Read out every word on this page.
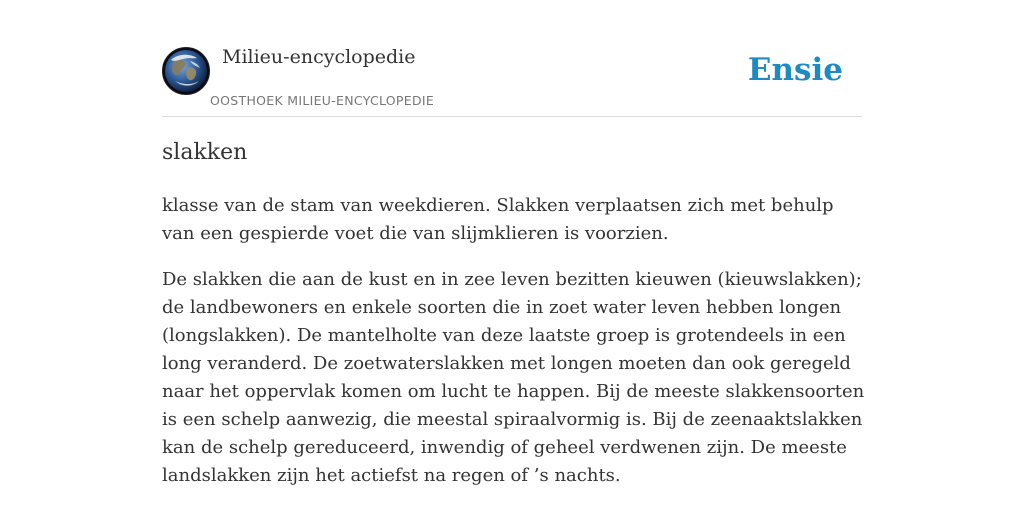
Milieu-encyclopedie
OOSTHOEK MILIEU-ENCYCLOPEDIE
Ensie
slakken

klasse van de stam van weekdieren. Slakken verplaatsen zich met behulp van een gespierde voet die van slijmklieren is voorzien.

De slakken die aan de kust en in zee leven bezitten kieuwen (kieuwslakken); de landbewoners en enkele soorten die in zoet water leven hebben longen (longslakken). De mantelholte van deze laatste groep is grotendeels in een long veranderd. De zoetwaterslakken met longen moeten dan ook geregeld naar het oppervlak komen om lucht te happen. Bij de meeste slakkensoorten is een schelp aanwezig, die meestal spiraalvormig is. Bij de zeenaaktslakken kan de schelp gereduceerd, inwendig of geheel verdwenen zijn. De meeste landslakken zijn het actiefst na regen of ’s nachts.
